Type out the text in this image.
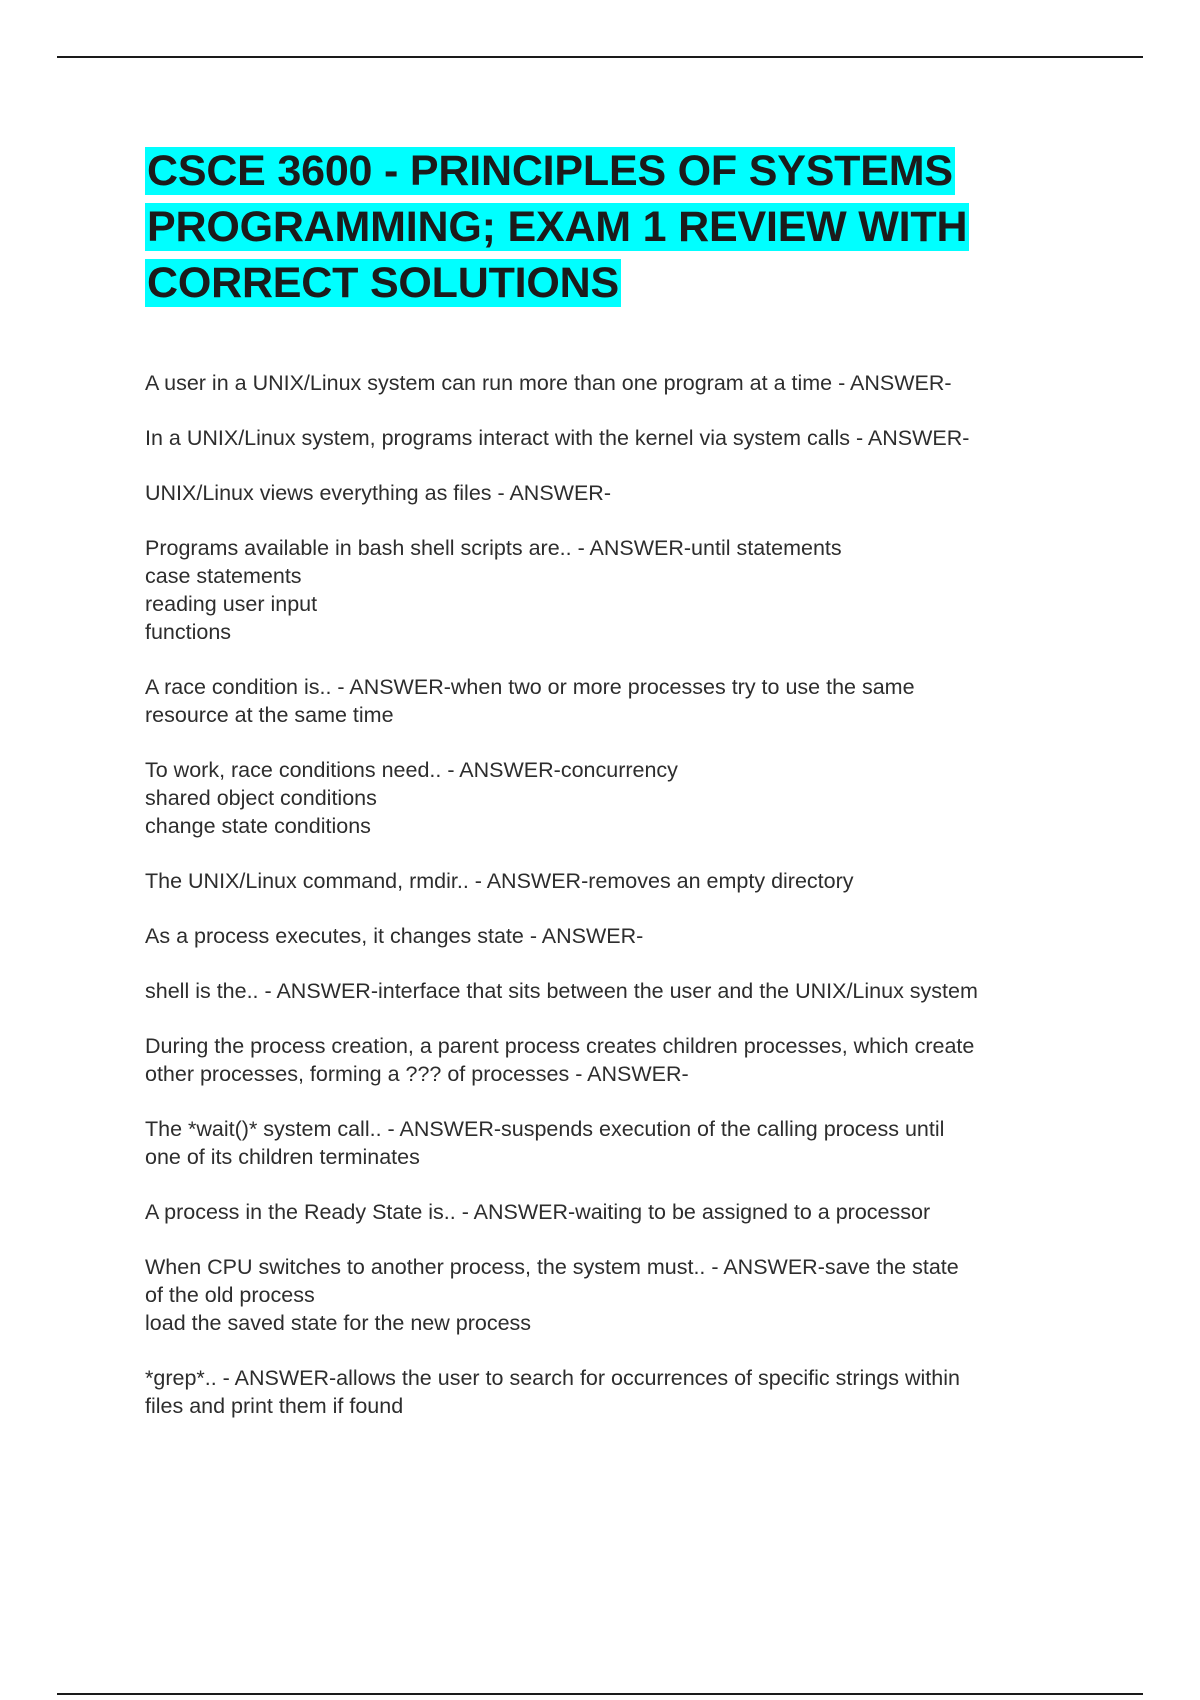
CSCE 3600 - PRINCIPLES OF SYSTEMS
PROGRAMMING; EXAM 1 REVIEW WITH
CORRECT SOLUTIONS
A user in a UNIX/Linux system can run more than one program at a time - ANSWER-
In a UNIX/Linux system, programs interact with the kernel via system calls - ANSWER-
UNIX/Linux views everything as files - ANSWER-
Programs available in bash shell scripts are.. - ANSWER-until statements
case statements
reading user input
functions
A race condition is.. - ANSWER-when two or more processes try to use the same
resource at the same time
To work, race conditions need.. - ANSWER-concurrency
shared object conditions
change state conditions
The UNIX/Linux command, rmdir.. - ANSWER-removes an empty directory
As a process executes, it changes state - ANSWER-
shell is the.. - ANSWER-interface that sits between the user and the UNIX/Linux system
During the process creation, a parent process creates children processes, which create
other processes, forming a ??? of processes - ANSWER-
The *wait()* system call.. - ANSWER-suspends execution of the calling process until
one of its children terminates
A process in the Ready State is.. - ANSWER-waiting to be assigned to a processor
When CPU switches to another process, the system must.. - ANSWER-save the state
of the old process
load the saved state for the new process
*grep*.. - ANSWER-allows the user to search for occurrences of specific strings within
files and print them if found
